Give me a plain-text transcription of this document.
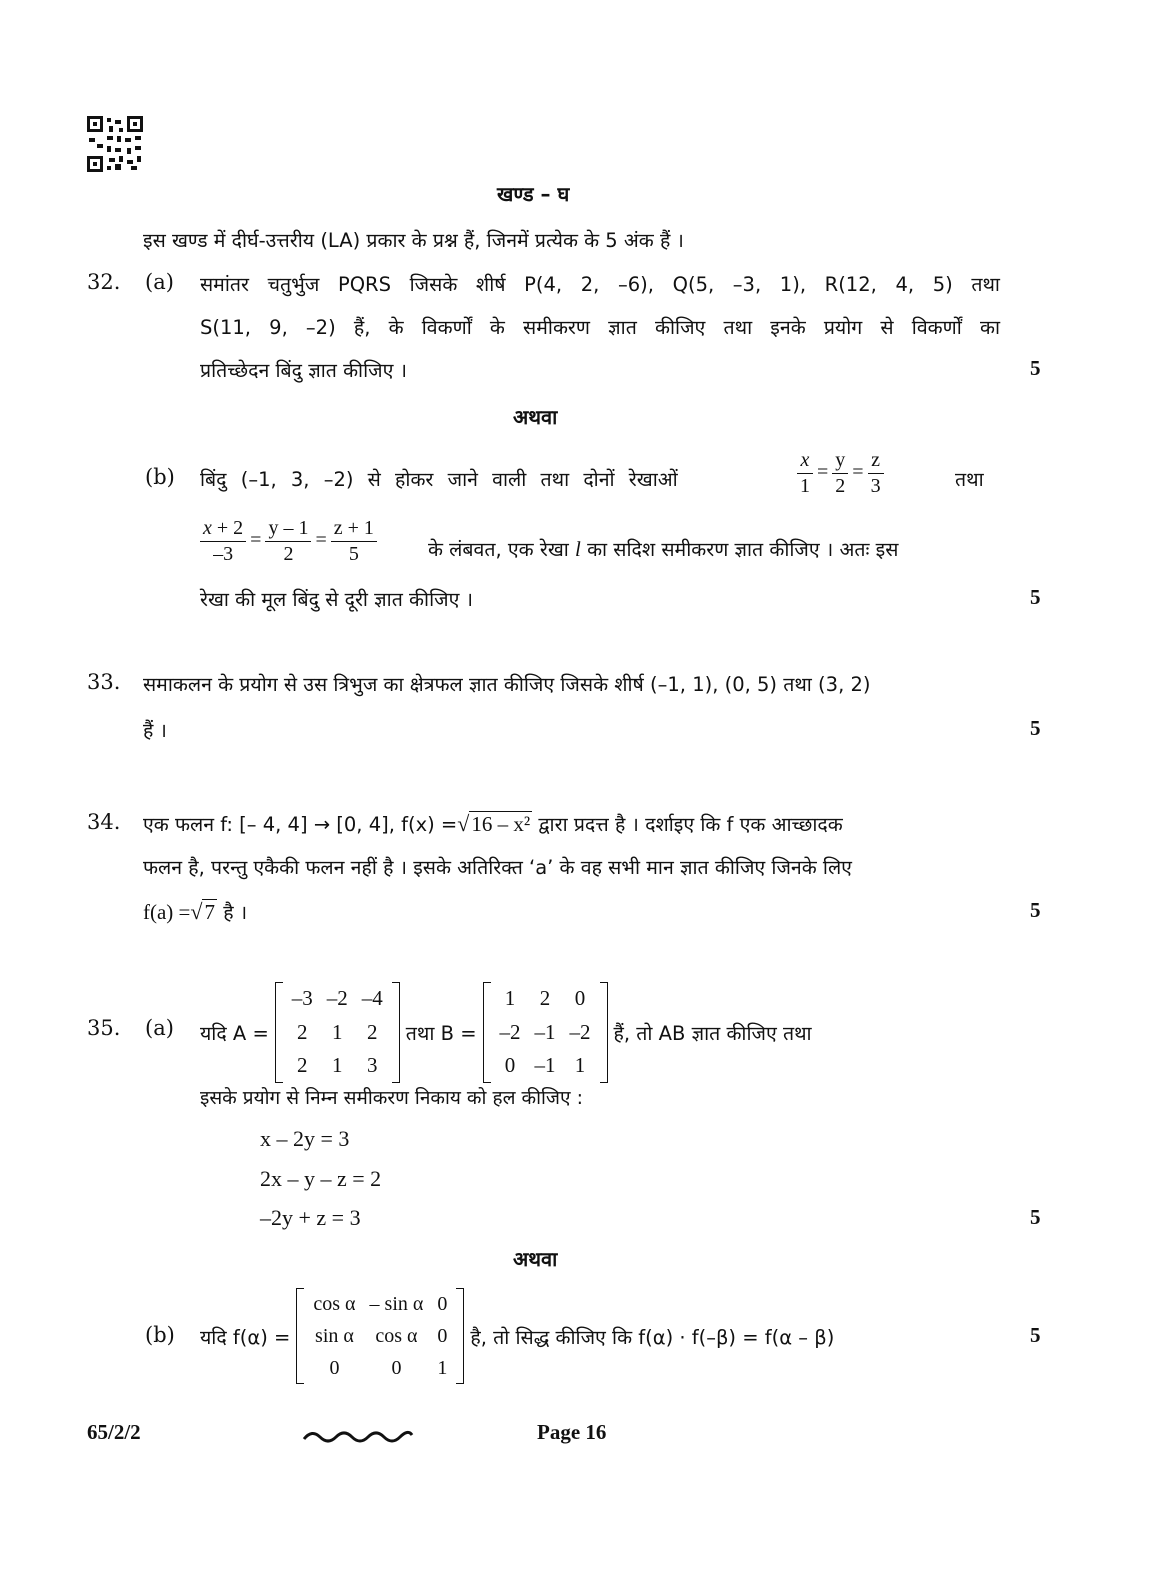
खण्ड – घ
इस खण्ड में दीर्घ-उत्तरीय (LA) प्रकार के प्रश्न हैं, जिनमें प्रत्येक के 5 अंक हैं ।
32. (a) समांतर चतुर्भुज PQRS जिसके शीर्ष P(4, 2, –6), Q(5, –3, 1), R(12, 4, 5) तथा
S(11, 9, –2) हैं, के विकर्णों के समीकरण ज्ञात कीजिए तथा इनके प्रयोग से विकर्णों का
प्रतिच्छेदन बिंदु ज्ञात कीजिए ।	5
अथवा
(b) बिंदु (–1, 3, –2) से होकर जाने वाली तथा दोनों रेखाओं	$\frac{x}{1} = \frac{y}{2} = \frac{z}{3}$	तथा
$\frac{x + 2}{-3} = \frac{y - 1}{2} = \frac{z + 1}{5}$	के लंबवत, एक रेखा l का सदिश समीकरण ज्ञात कीजिए । अतः इस
रेखा की मूल बिंदु से दूरी ज्ञात कीजिए ।	5
33. समाकलन के प्रयोग से उस त्रिभुज का क्षेत्रफल ज्ञात कीजिए जिसके शीर्ष (–1, 1), (0, 5) तथा (3, 2)
हैं ।	5
34. एक फलन f: [– 4, 4] → [0, 4], f(x) =√16 – x² द्वारा प्रदत्त है । दर्शाइए कि f एक आच्छादक
फलन है, परन्तु एकैकी फलन नहीं है । इसके अतिरिक्त ‘a’ के वह सभी मान ज्ञात कीजिए जिनके लिए
f(a) =√7 है ।	5
35. (a) यदि A =
–3	–2	–4
2	1	2
2	1	3
तथा B =
1	2	0
–2	–1	–2
0	–1	1
हैं, तो AB ज्ञात कीजिए तथा
इसके प्रयोग से निम्न समीकरण निकाय को हल कीजिए :
x – 2y = 3
2x – y – z = 2
–2y + z = 3	5
अथवा
(b) यदि f(α) =
cos α	– sin α	0
sin α	cos α	0
0	0	1
है, तो सिद्ध कीजिए कि f(α) · f(–β) = f(α – β)	5
65/2/2	Page 16
